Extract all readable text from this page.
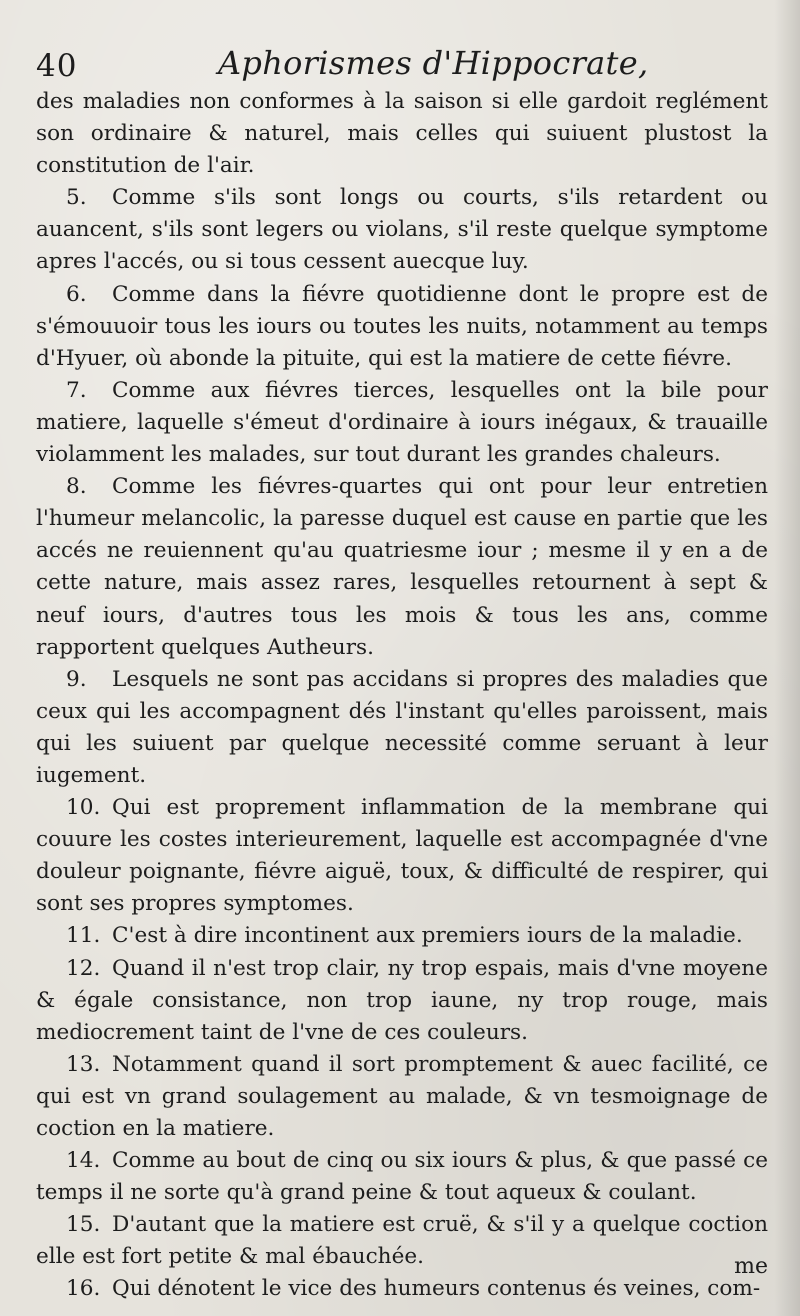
40	Aphorismes d'Hippocrate,

des maladies non conformes à la saison si elle gardoit reglément son ordinaire & naturel, mais celles qui suiuent plustost la constitution de l'air.

5. Comme s'ils sont longs ou courts, s'ils retardent ou auancent, s'ils sont legers ou violans, s'il reste quelque symptome apres l'accés, ou si tous cessent auecque luy.

6. Comme dans la fiévre quotidienne dont le propre est de s'émouuoir tous les iours ou toutes les nuits, notamment au temps d'Hyuer, où abonde la pituite, qui est la matiere de cette fiévre.

7. Comme aux fiévres tierces, lesquelles ont la bile pour matiere, laquelle s'émeut d'ordinaire à iours inégaux, & trauaille violamment les malades, sur tout durant les grandes chaleurs.

8. Comme les fiévres-quartes qui ont pour leur entretien l'humeur melancolic, la paresse duquel est cause en partie que les accés ne reuiennent qu'au quatriesme iour ; mesme il y en a de cette nature, mais assez rares, lesquelles retournent à sept & neuf iours, d'autres tous les mois & tous les ans, comme rapportent quelques Autheurs.

9. Lesquels ne sont pas accidans si propres des maladies que ceux qui les accompagnent dés l'instant qu'elles paroissent, mais qui les suiuent par quelque necessité comme seruant à leur iugement.

10. Qui est proprement inflammation de la membrane qui couure les costes interieurement, laquelle est accompagnée d'vne douleur poignante, fiévre aiguë, toux, & difficulté de respirer, qui sont ses propres symptomes.

11. C'est à dire incontinent aux premiers iours de la maladie.

12. Quand il n'est trop clair, ny trop espais, mais d'vne moyene & égale consistance, non trop iaune, ny trop rouge, mais mediocrement taint de l'vne de ces couleurs.

13. Notamment quand il sort promptement & auec facilité, ce qui est vn grand soulagement au malade, & vn tesmoignage de coction en la matiere.

14. Comme au bout de cinq ou six iours & plus, & que passé ce temps il ne sorte qu'à grand peine & tout aqueux & coulant.

15. D'autant que la matiere est cruë, & s'il y a quelque coction elle est fort petite & mal ébauchée.

16. Qui dénotent le vice des humeurs contenus és veines, com-

me
